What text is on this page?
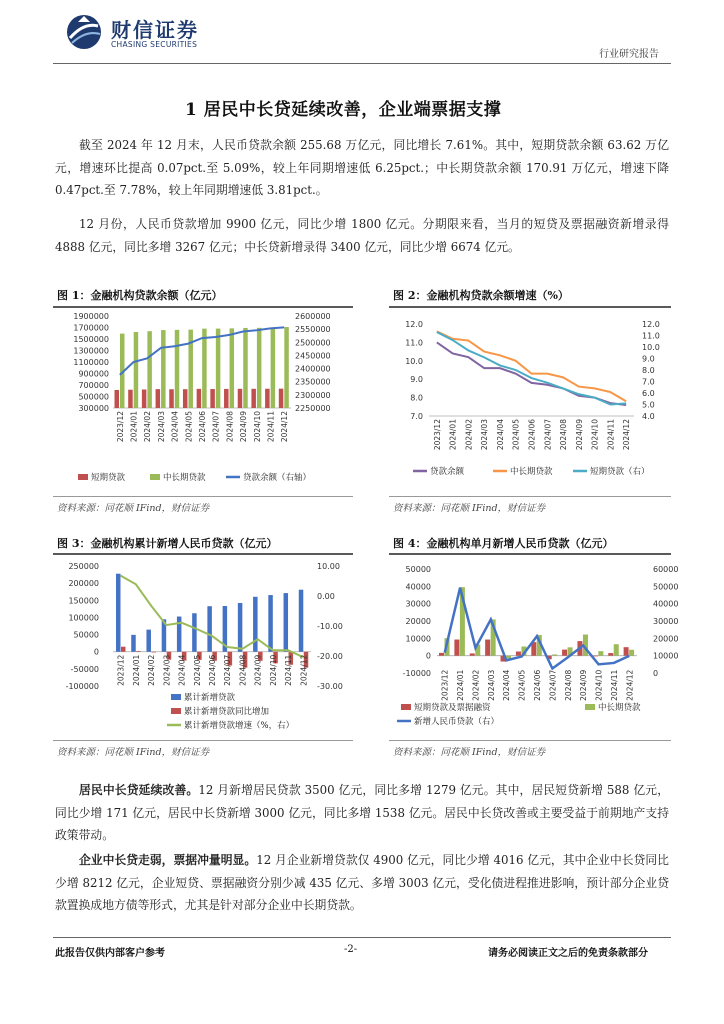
财信证券
CHASING SECURITIES
行业研究报告
1 居民中长贷延续改善，企业端票据支撑
截至 2024 年 12 月末，人民币贷款余额 255.68 万亿元，同比增长 7.61%。其中，短期贷款余额 63.62 万亿元，增速环比提高 0.07pct.至 5.09%，较上年同期增速低 6.25pct.；中长期贷款余额 170.91 万亿元，增速下降 0.47pct.至 7.78%，较上年同期增速低 3.81pct.。
12 月份，人民币贷款增加 9900 亿元，同比少增 1800 亿元。分期限来看，当月的短贷及票据融资新增录得 4888 亿元，同比多增 3267 亿元；中长贷新增录得 3400 亿元，同比少增 6674 亿元。
图 1：金融机构贷款余额（亿元）	图 2：金融机构贷款余额增速（%）
1900000
1700000
1500000
1300000
1100000
900000
700000
500000
300000
2600000
2550000
2500000
2450000
2400000
2350000
2300000
2250000
2023/12 2024/01 2024/02 2024/03 2024/04 2024/05 2024/06 2024/07 2024/08 2024/09 2024/10 2024/11 2024/12
短期贷款	中长期贷款	贷款余额（右轴）
12.0
11.0
10.0
9.0
8.0
7.0
12.0
11.0
10.0
9.0
8.0
7.0
6.0
5.0
4.0
2023/12 2024/01 2024/02 2024/03 2024/04 2024/05 2024/06 2024/07 2024/08 2024/09 2024/10 2024/11 2024/12
贷款余额	中长期贷款	短期贷款（右）
资料来源：同花顺 IFind，财信证券	资料来源：同花顺 IFind，财信证券
图 3：金融机构累计新增人民币贷款（亿元）	图 4：金融机构单月新增人民币贷款（亿元）
250000
200000
150000
100000
50000
0
-50000
-100000
10.00
0.00
-10.00
-20.00
-30.00
2023/12 2024/01 2024/02 2024/03 2024/04 2024/05 2024/06 2024/07 2024/08 2024/09 2024/10 2024/11 2024/12
累计新增贷款
累计新增贷款同比增加
累计新增贷款增速（%，右）
50000
40000
30000
20000
10000
0
-10000
60000
50000
40000
30000
20000
10000
0
2023/12 2024/01 2024/02 2024/03 2024/04 2024/05 2024/06 2024/07 2024/08 2024/09 2024/10 2024/11 2024/12
短期贷款及票据融资	中长期贷款
新增人民币贷款（右）
资料来源：同花顺 IFind，财信证券	资料来源：同花顺 IFind，财信证券
居民中长贷延续改善。12 月新增居民贷款 3500 亿元，同比多增 1279 亿元。其中，居民短贷新增 588 亿元，同比少增 171 亿元，居民中长贷新增 3000 亿元，同比多增 1538 亿元。居民中长贷改善或主要受益于前期地产支持政策带动。
企业中长贷走弱，票据冲量明显。12 月企业新增贷款仅 4900 亿元，同比少增 4016 亿元，其中企业中长贷同比少增 8212 亿元，企业短贷、票据融资分别少减 435 亿元、多增 3003 亿元，受化债进程推进影响，预计部分企业贷款置换成地方债等形式，尤其是针对部分企业中长期贷款。
此报告仅供内部客户参考	-2-	请务必阅读正文之后的免责条款部分
